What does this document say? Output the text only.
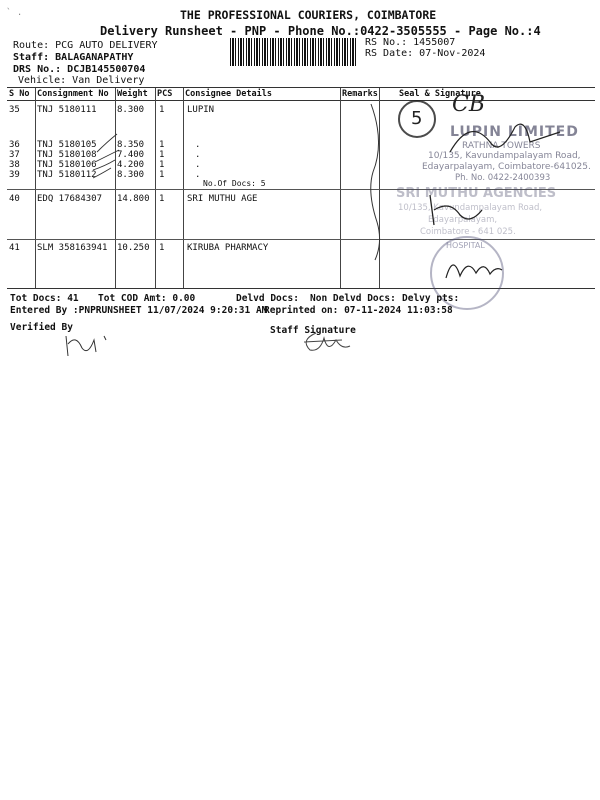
` .	THE PROFESSIONAL COURIERS, COIMBATORE
Delivery Runsheet - PNP - Phone No.:0422-3505555 - Page No.:4
Route: PCG AUTO DELIVERY
Staff: BALAGANAPATHY
DRS No.: DCJB145500704
Vehicle: Van Delivery
RS No.: 1455007
RS Date: 07-Nov-2024
S No Consignment No Weight PCS Consignee Details	Remarks Seal & Signature
35 TNJ 5180111 8.300 1	LUPIN
36 TNJ 5180105 8.350 1	.
37 TNJ 5180108 7.400 1	.
38 TNJ 5180106 4.200 1	.
39 TNJ 5180112 8.300 1	.
No.Of Docs: 5
40 EDQ 17684307 14.800 1	SRI MUTHU AGE
41 SLM 358163941 10.250 1	KIRUBA PHARMACY
5
CB
LUPIN LIMITED
RATHNA TOWERS
10/135, Kavundampalayam Road,
Edayarpalayam, Coimbatore-641025.
Ph. No. 0422-2400393
SRI MUTHU AGENCIES
10/135, Kavundampalayam Road,
Edayarpalayam,
Coimbatore - 641 025.
HOSPITAL
Tot Docs: 41 Tot COD Amt: 0.00	Delvd Docs: Non Delvd Docs: Delvy pts:
Entered By :PNPRUNSHEET 11/07/2024 9:20:31 AM
Reprinted on: 07-11-2024 11:03:58
Verified By	Staff Signature
